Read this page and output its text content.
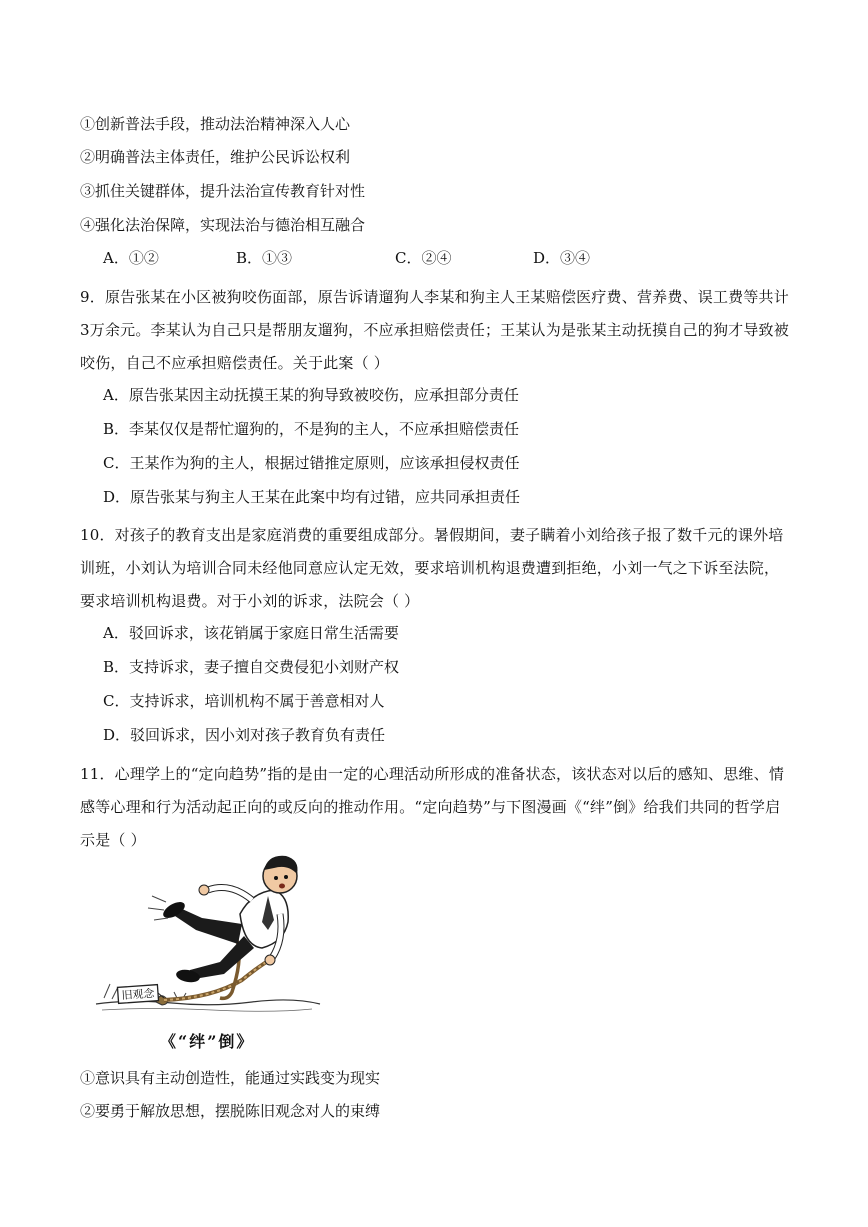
①创新普法手段，推动法治精神深入人心
②明确普法主体责任，维护公民诉讼权利
③抓住关键群体，提升法治宣传教育针对性
④强化法治保障，实现法治与德治相互融合
A．①②	B．①③	C．②④	D．③④
9．原告张某在小区被狗咬伤面部，原告诉请遛狗人李某和狗主人王某赔偿医疗费、营养费、误工费等共计3万余元。李某认为自己只是帮朋友遛狗，不应承担赔偿责任；王某认为是张某主动抚摸自己的狗才导致被咬伤，自己不应承担赔偿责任。关于此案（ ）
A．原告张某因主动抚摸王某的狗导致被咬伤，应承担部分责任
B．李某仅仅是帮忙遛狗的，不是狗的主人，不应承担赔偿责任
C．王某作为狗的主人，根据过错推定原则，应该承担侵权责任
D．原告张某与狗主人王某在此案中均有过错，应共同承担责任
10．对孩子的教育支出是家庭消费的重要组成部分。暑假期间，妻子瞒着小刘给孩子报了数千元的课外培训班，小刘认为培训合同未经他同意应认定无效，要求培训机构退费遭到拒绝，小刘一气之下诉至法院，要求培训机构退费。对于小刘的诉求，法院会（ ）
A．驳回诉求，该花销属于家庭日常生活需要
B．支持诉求，妻子擅自交费侵犯小刘财产权
C．支持诉求，培训机构不属于善意相对人
D．驳回诉求，因小刘对孩子教育负有责任
11．心理学上的“定向趋势”指的是由一定的心理活动所形成的准备状态，该状态对以后的感知、思维、情感等心理和行为活动起正向的或反向的推动作用。“定向趋势”与下图漫画《“绊”倒》给我们共同的哲学启示是（ ）
旧观念
《“绊”倒》
①意识具有主动创造性，能通过实践变为现实
②要勇于解放思想，摆脱陈旧观念对人的束缚
